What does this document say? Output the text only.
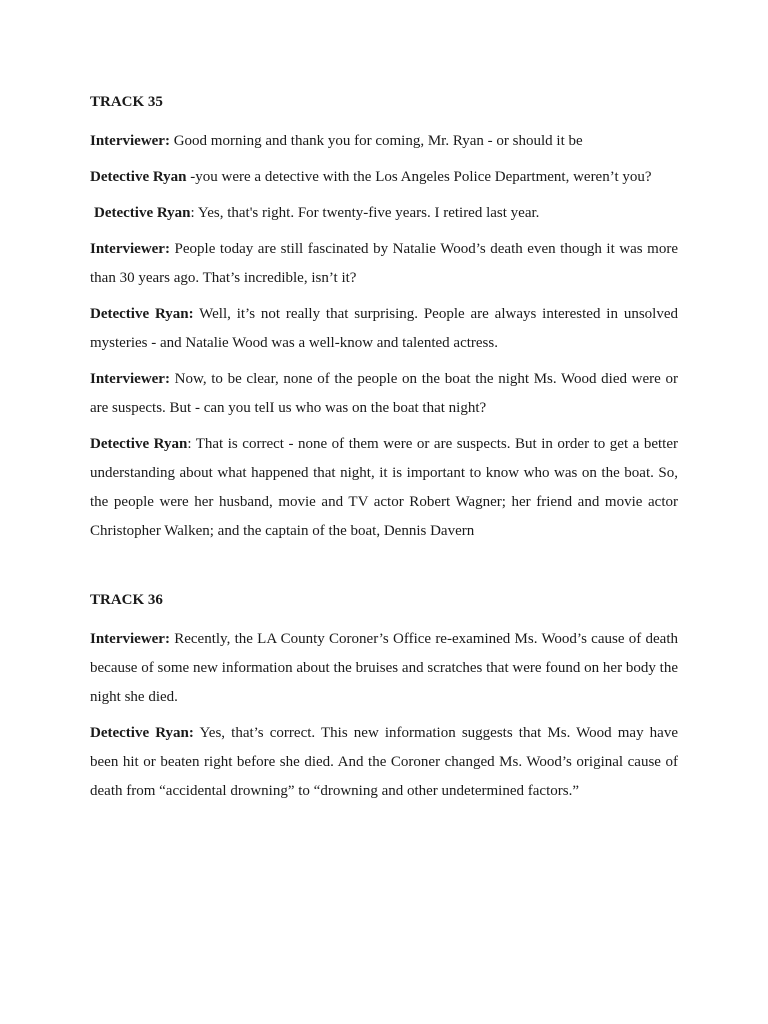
TRACK 35

Interviewer: Good morning and thank you for coming, Mr. Ryan - or should it be

Detective Ryan -you were a detective with the Los Angeles Police Department, weren’t you?

Detective Ryan: Yes, that's right. For twenty-five years. I retired last year.

Interviewer: People today are still fascinated by Natalie Wood’s death even though it was more than 30 years ago. That’s incredible, isn’t it?

Detective Ryan: Well, it’s not really that surprising. People are always interested in unsolved mysteries - and Natalie Wood was a well-know and talented actress.

Interviewer: Now, to be clear, none of the people on the boat the night Ms. Wood died were or are suspects. But - can you telI us who was on the boat that night?

Detective Ryan: That is correct - none of them were or are suspects. But in order to get a better understanding about what happened that night, it is important to know who was on the boat. So, the people were her husband, movie and TV actor Robert Wagner; her friend and movie actor Christopher Walken; and the captain of the boat, Dennis Davern

TRACK 36

Interviewer: Recently, the LA County Coroner’s Office re-examined Ms. Wood’s cause of death because of some new information about the bruises and scratches that were found on her body the night she died.

Detective Ryan: Yes, that’s correct. This new information suggests that Ms. Wood may have been hit or beaten right before she died. And the Coroner changed Ms. Wood’s original cause of death from “accidental drowning” to “drowning and other undetermined factors.”
